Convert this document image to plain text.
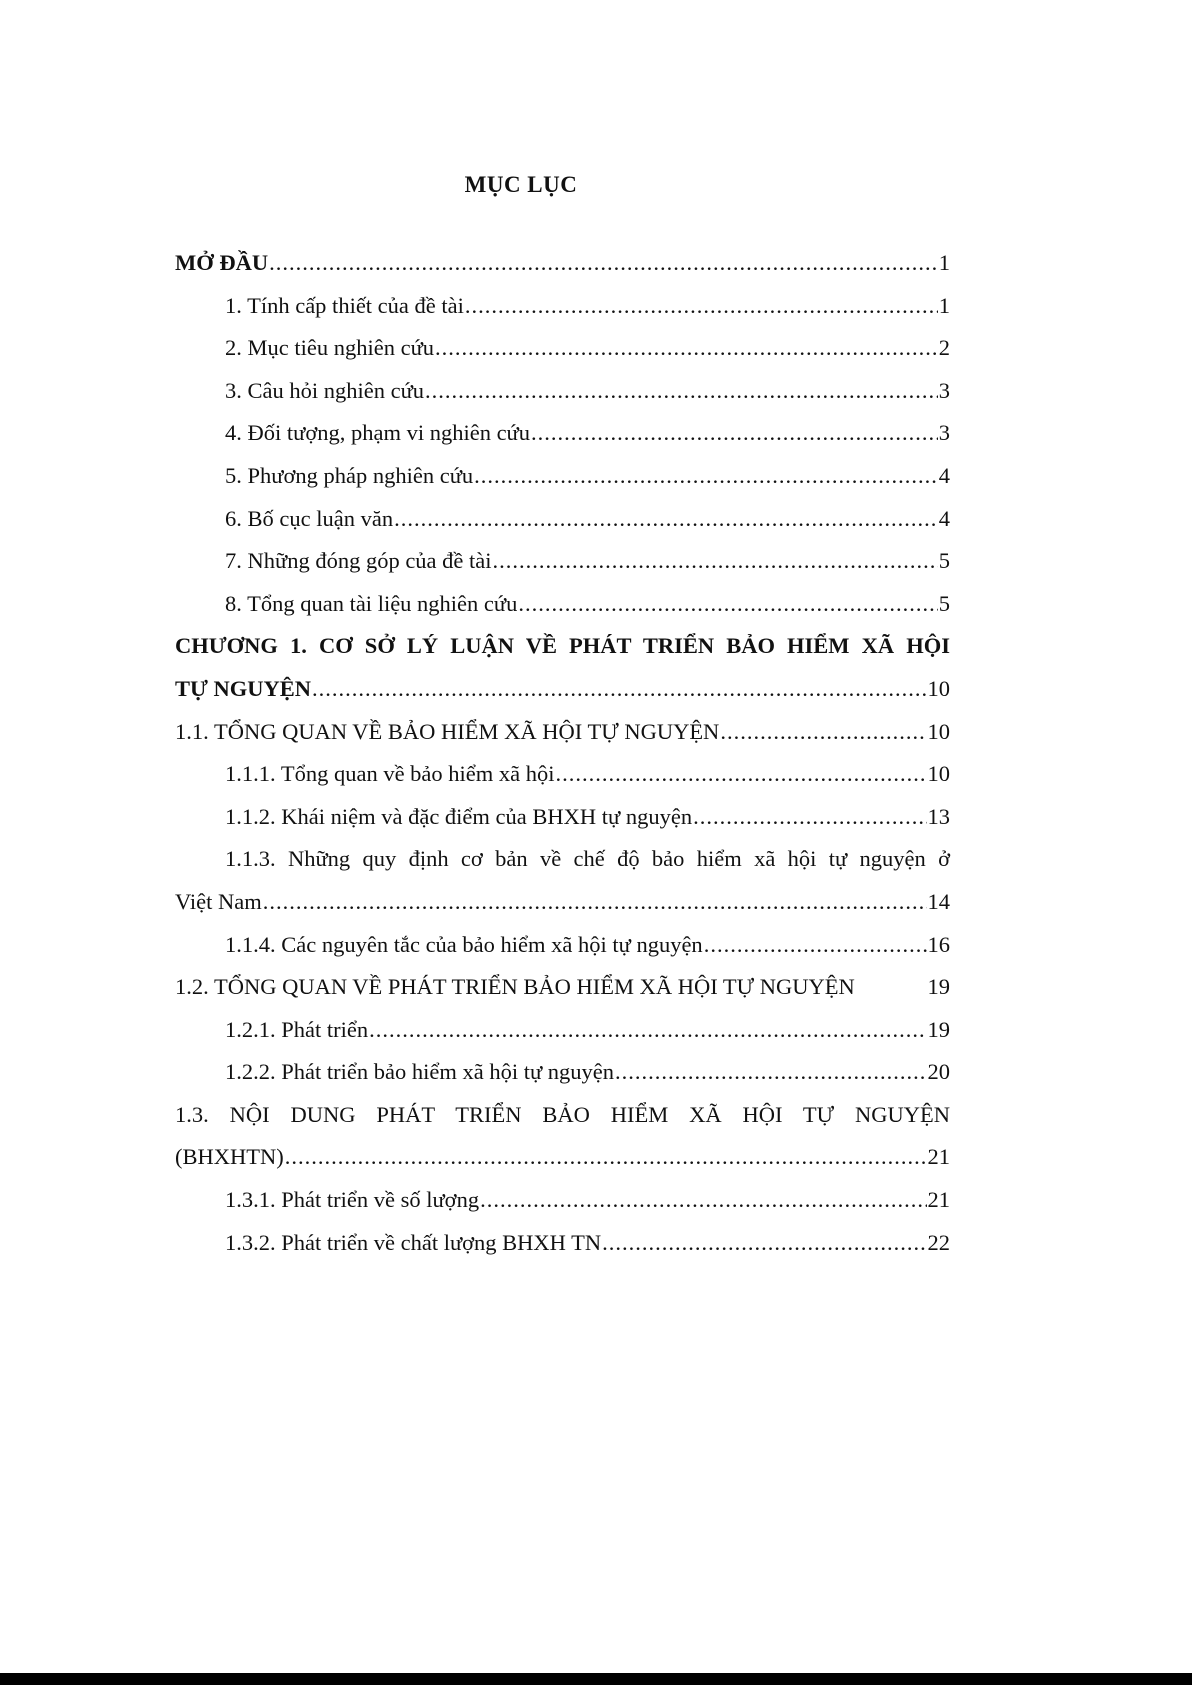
MỤC LỤC
MỞ ĐẦU .....	1
1. Tính cấp thiết của đề tài .....	1
2. Mục tiêu nghiên cứu .....	2
3. Câu hỏi nghiên cứu .....	3
4. Đối tượng, phạm vi nghiên cứu .....	3
5. Phương pháp nghiên cứu .....	4
6. Bố cục luận văn .....	4
7. Những đóng góp của đề tài .....	5
8. Tổng quan tài liệu nghiên cứu .....	5
CHƯƠNG 1. CƠ SỞ LÝ LUẬN VỀ PHÁT TRIỂN BẢO HIỂM XÃ HỘI
TỰ NGUYỆN .....	10
1.1. TỔNG QUAN VỀ BẢO HIỂM XÃ HỘI TỰ NGUYỆN .....	10
1.1.1. Tổng quan về bảo hiểm xã hội .....	10
1.1.2. Khái niệm và đặc điểm của BHXH tự nguyện .....	13
1.1.3. Những quy định cơ bản về chế độ bảo hiểm xã hội tự nguyện ở
Việt Nam .....	14
1.1.4. Các nguyên tắc của bảo hiểm xã hội tự nguyện .....	16
1.2. TỔNG QUAN VỀ PHÁT TRIỂN BẢO HIỂM XÃ HỘI TỰ NGUYỆN	19
1.2.1. Phát triển .....	19
1.2.2. Phát triển bảo hiểm xã hội tự nguyện .....	20
1.3. NỘI DUNG PHÁT TRIỂN BẢO HIỂM XÃ HỘI TỰ NGUYỆN
(BHXHTN) .....	21
1.3.1. Phát triển về số lượng .....	21
1.3.2. Phát triển về chất lượng BHXH TN .....	22
